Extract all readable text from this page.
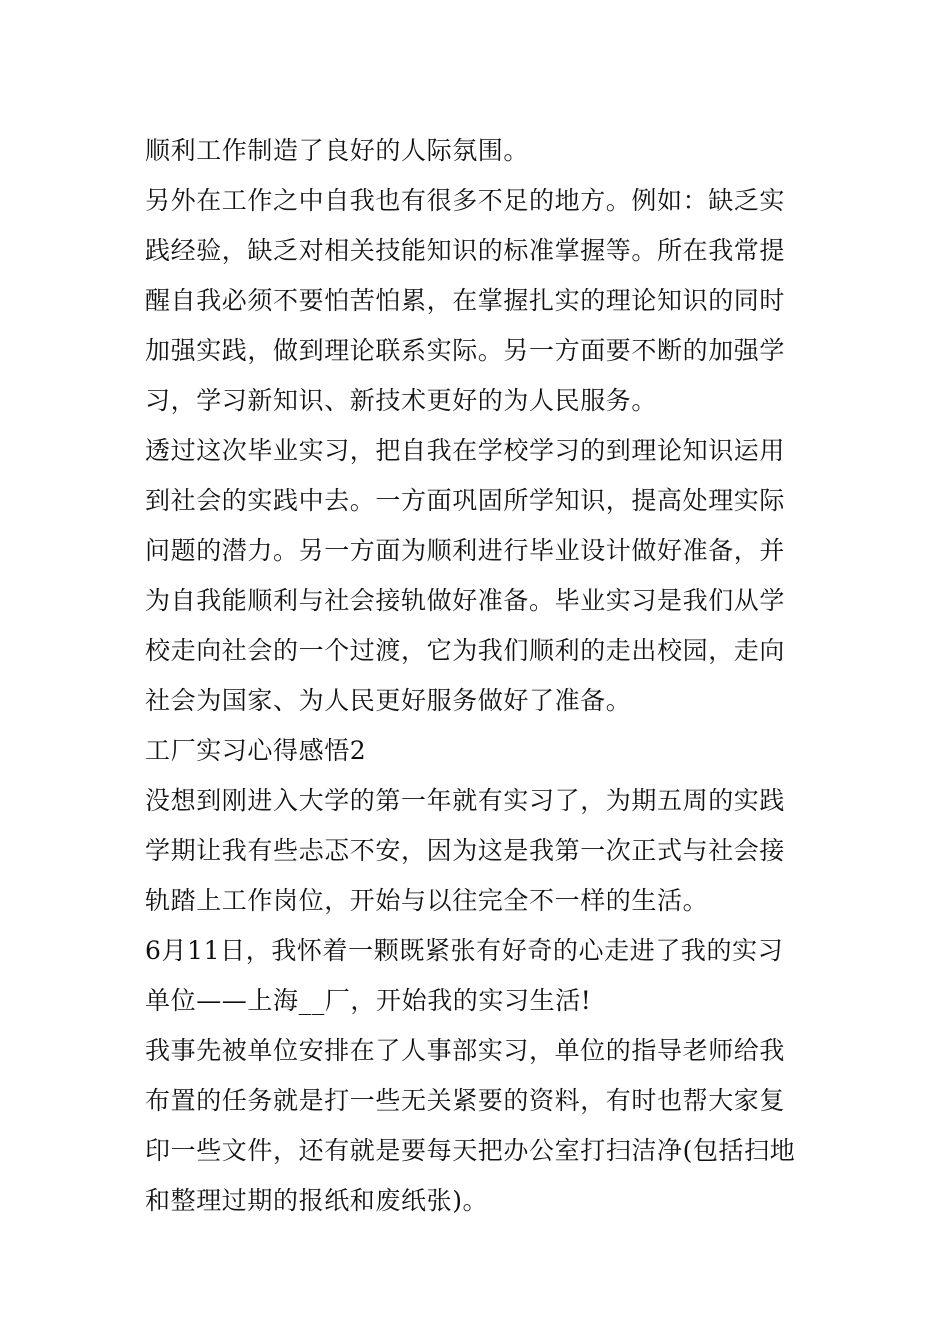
顺利工作制造了良好的人际氛围。
另外在工作之中自我也有很多不足的地方。例如：缺乏实
践经验，缺乏对相关技能知识的标准掌握等。所在我常提
醒自我必须不要怕苦怕累，在掌握扎实的理论知识的同时
加强实践，做到理论联系实际。另一方面要不断的加强学
习，学习新知识、新技术更好的为人民服务。
透过这次毕业实习，把自我在学校学习的到理论知识运用
到社会的实践中去。一方面巩固所学知识，提高处理实际
问题的潜力。另一方面为顺利进行毕业设计做好准备，并
为自我能顺利与社会接轨做好准备。毕业实习是我们从学
校走向社会的一个过渡，它为我们顺利的走出校园，走向
社会为国家、为人民更好服务做好了准备。
工厂实习心得感悟2
没想到刚进入大学的第一年就有实习了，为期五周的实践
学期让我有些忐忑不安，因为这是我第一次正式与社会接
轨踏上工作岗位，开始与以往完全不一样的生活。
6月11日，我怀着一颗既紧张有好奇的心走进了我的实习
单位——上海__厂，开始我的实习生活!
我事先被单位安排在了人事部实习，单位的指导老师给我
布置的任务就是打一些无关紧要的资料，有时也帮大家复
印一些文件，还有就是要每天把办公室打扫洁净(包括扫地
和整理过期的报纸和废纸张)。
